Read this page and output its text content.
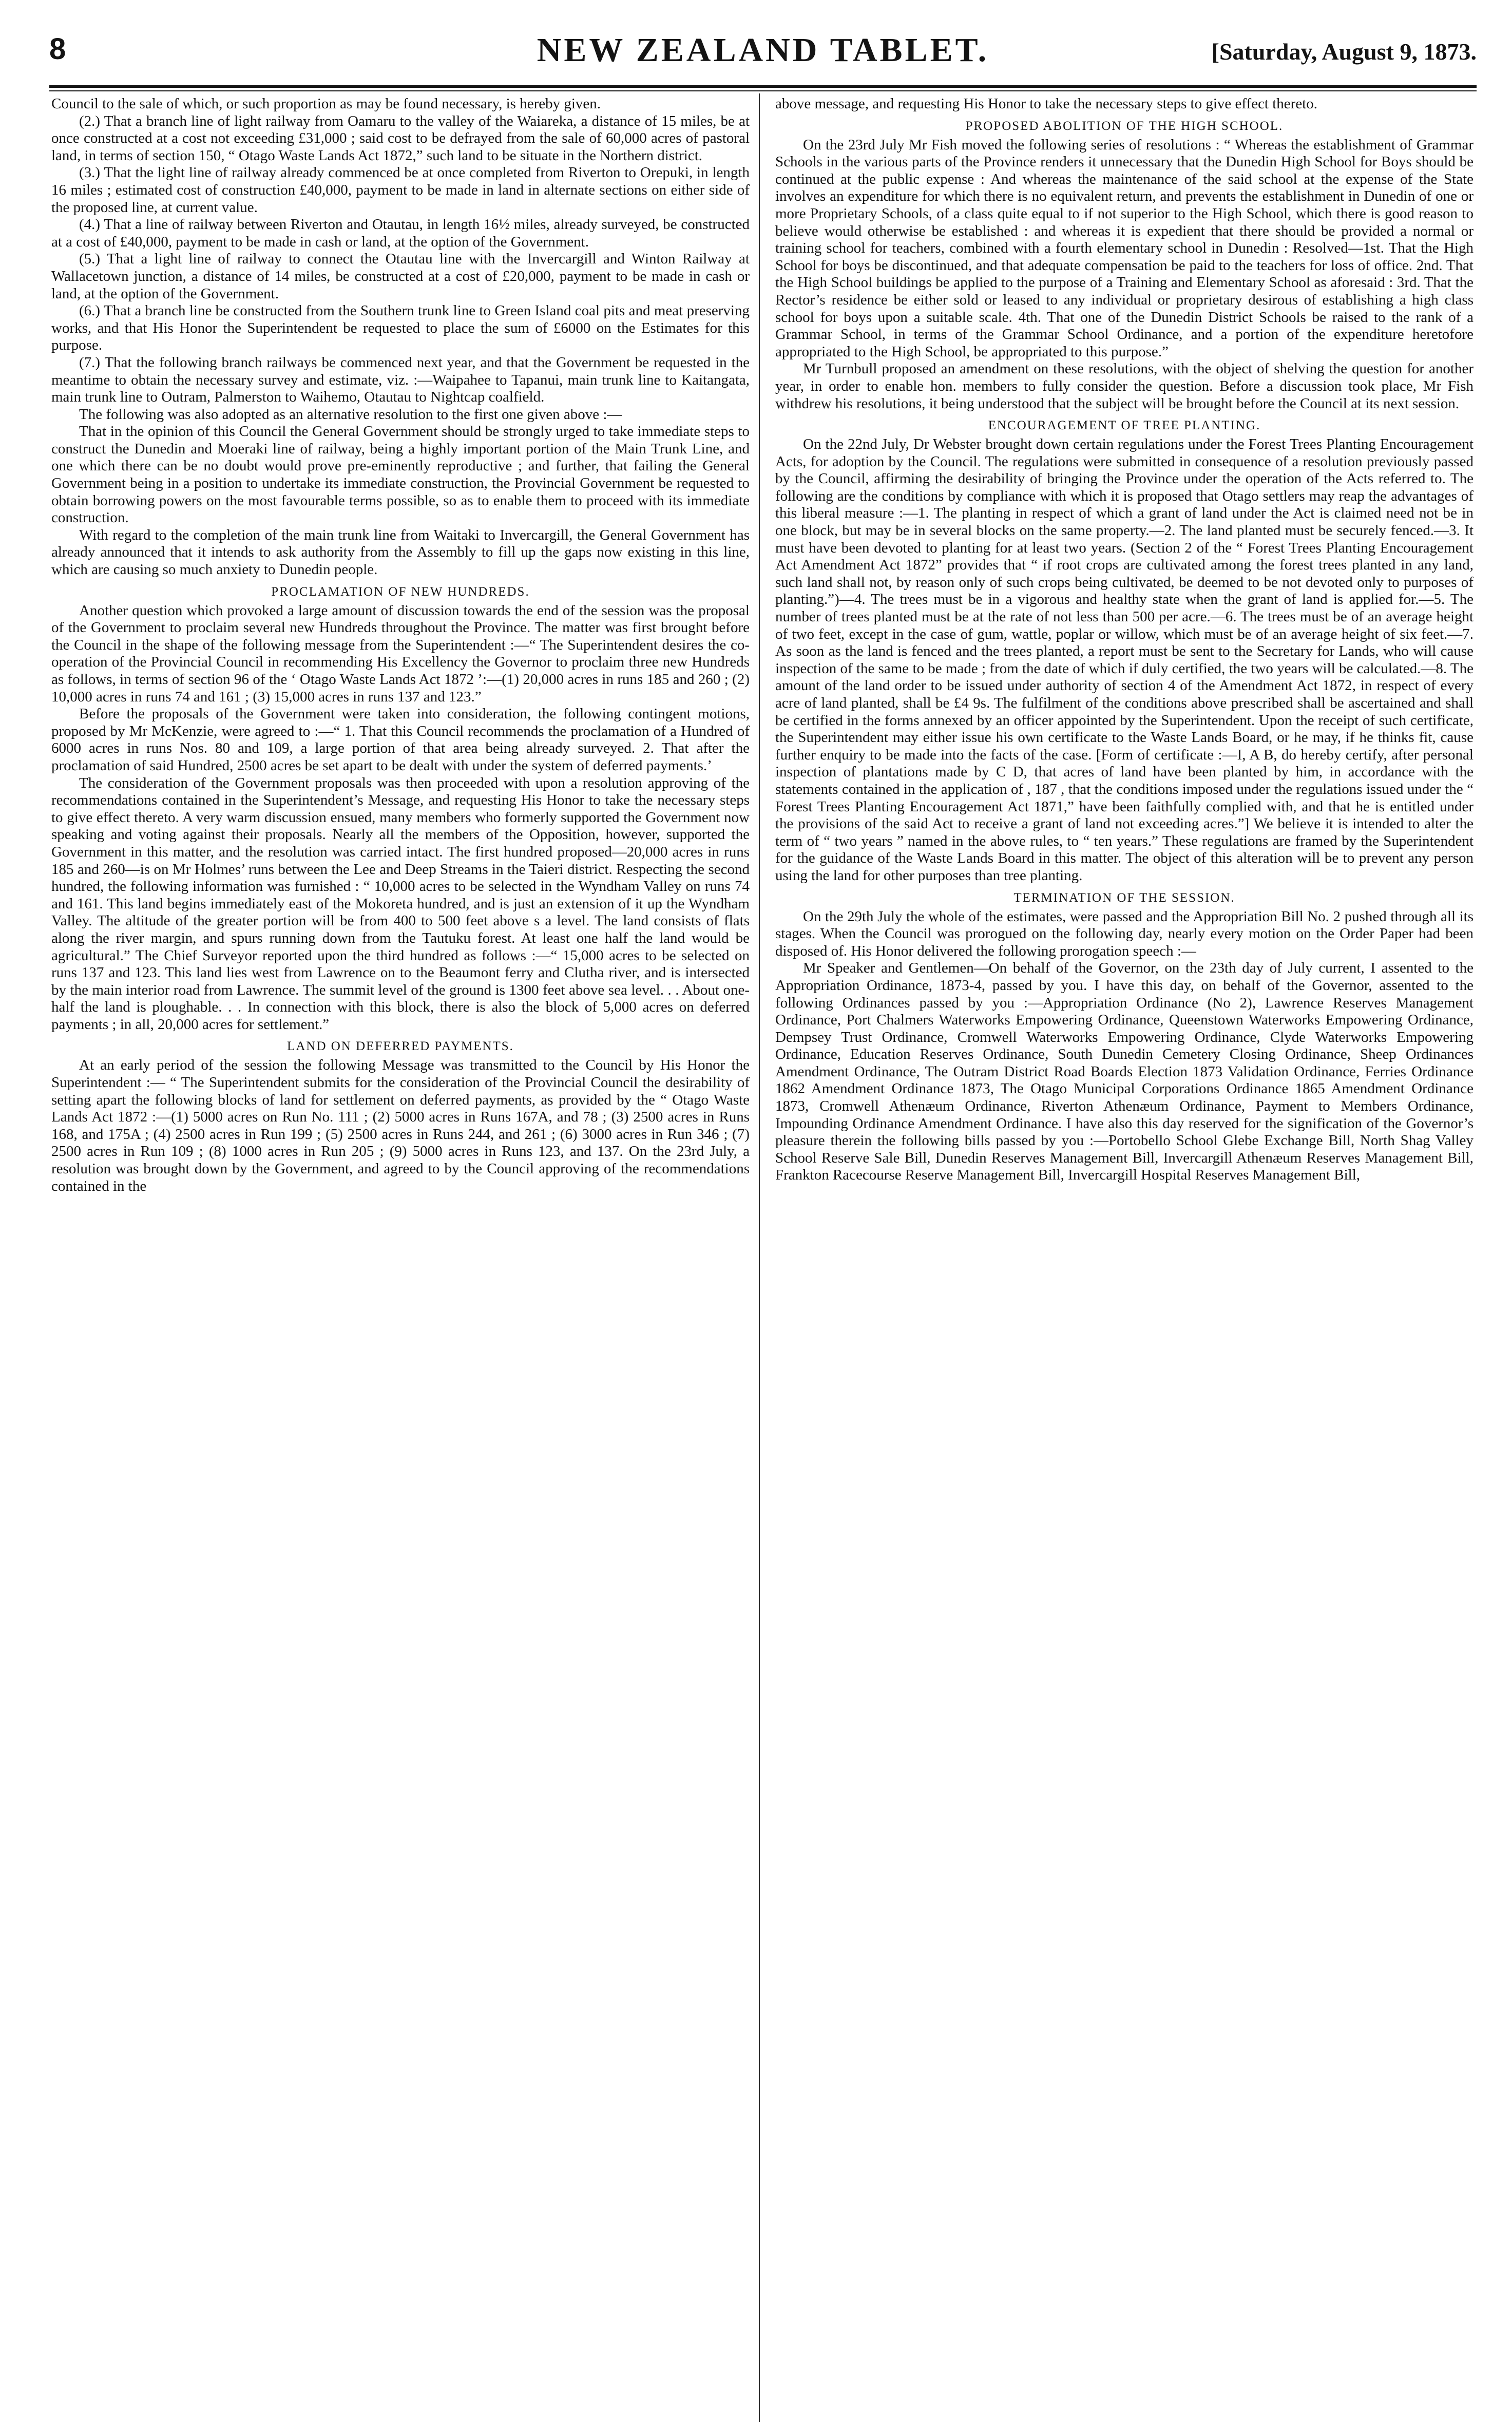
8	NEW ZEALAND TABLET.	[Saturday, August 9, 1873.

Council to the sale of which, or such proportion as may be found necessary, is hereby given.

(2.) That a branch line of light railway from Oamaru to the valley of the Waiareka, a distance of 15 miles, be at once constructed at a cost not exceeding £31,000 ; said cost to be defrayed from the sale of 60,000 acres of pastoral land, in terms of section 150, “ Otago Waste Lands Act 1872,” such land to be situate in the Northern district.

(3.) That the light line of railway already commenced be at once completed from Riverton to Orepuki, in length 16 miles ; estimated cost of construction £40,000, payment to be made in land in alternate sections on either side of the proposed line, at current value.

(4.) That a line of railway between Riverton and Otautau, in length 16½ miles, already surveyed, be constructed at a cost of £40,000, payment to be made in cash or land, at the option of the Government.

(5.) That a light line of railway to connect the Otautau line with the Invercargill and Winton Railway at Wallacetown junction, a distance of 14 miles, be constructed at a cost of £20,000, payment to be made in cash or land, at the option of the Government.

(6.) That a branch line be constructed from the Southern trunk line to Green Island coal pits and meat preserving works, and that His Honor the Superintendent be requested to place the sum of £6000 on the Estimates for this purpose.

(7.) That the following branch railways be commenced next year, and that the Government be requested in the meantime to obtain the necessary survey and estimate, viz. :—Waipahee to Tapanui, main trunk line to Kaitangata, main trunk line to Outram, Palmerston to Waihemo, Otautau to Nightcap coalfield.

The following was also adopted as an alternative resolution to the first one given above :—

That in the opinion of this Council the General Government should be strongly urged to take immediate steps to construct the Dunedin and Moeraki line of railway, being a highly important portion of the Main Trunk Line, and one which there can be no doubt would prove pre-eminently reproductive ; and further, that failing the General Government being in a position to undertake its immediate construction, the Provincial Government be requested to obtain borrowing powers on the most favourable terms possible, so as to enable them to proceed with its immediate construction.

With regard to the completion of the main trunk line from Waitaki to Invercargill, the General Government has already announced that it intends to ask authority from the Assembly to fill up the gaps now existing in this line, which are causing so much anxiety to Dunedin people.

PROCLAMATION OF NEW HUNDREDS.

Another question which provoked a large amount of discussion towards the end of the session was the proposal of the Government to proclaim several new Hundreds throughout the Province. The matter was first brought before the Council in the shape of the following message from the Superintendent :—“ The Superintendent desires the co-operation of the Provincial Council in recommending His Excellency the Governor to proclaim three new Hundreds as follows, in terms of section 96 of the ‘ Otago Waste Lands Act 1872 ’:—(1) 20,000 acres in runs 185 and 260 ; (2) 10,000 acres in runs 74 and 161 ; (3) 15,000 acres in runs 137 and 123.”

Before the proposals of the Government were taken into consideration, the following contingent motions, proposed by Mr McKenzie, were agreed to :—“ 1. That this Council recommends the proclamation of a Hundred of 6000 acres in runs Nos. 80 and 109, a large portion of that area being already surveyed. 2. That after the proclamation of said Hundred, 2500 acres be set apart to be dealt with under the system of deferred payments.’

The consideration of the Government proposals was then proceeded with upon a resolution approving of the recommendations contained in the Superintendent’s Message, and requesting His Honor to take the necessary steps to give effect thereto. A very warm discussion ensued, many members who formerly supported the Government now speaking and voting against their proposals. Nearly all the members of the Opposition, however, supported the Government in this matter, and the resolution was carried intact. The first hundred proposed—20,000 acres in runs 185 and 260—is on Mr Holmes’ runs between the Lee and Deep Streams in the Taieri district. Respecting the second hundred, the following information was furnished : “ 10,000 acres to be selected in the Wyndham Valley on runs 74 and 161. This land begins immediately east of the Mokoreta hundred, and is just an extension of it up the Wyndham Valley. The altitude of the greater portion will be from 400 to 500 feet above s a level. The land consists of flats along the river margin, and spurs running down from the Tautuku forest. At least one half the land would be agricultural.” The Chief Surveyor reported upon the third hundred as follows :—“ 15,000 acres to be selected on runs 137 and 123. This land lies west from Lawrence on to the Beaumont ferry and Clutha river, and is intersected by the main interior road from Lawrence. The summit level of the ground is 1300 feet above sea level. . . About one-half the land is ploughable. . . In connection with this block, there is also the block of 5,000 acres on deferred payments ; in all, 20,000 acres for settlement.”

LAND ON DEFERRED PAYMENTS.

At an early period of the session the following Message was transmitted to the Council by His Honor the Superintendent :— “ The Superintendent submits for the consideration of the Provincial Council the desirability of setting apart the following blocks of land for settlement on deferred payments, as provided by the “ Otago Waste Lands Act 1872 :—(1) 5000 acres on Run No. 111 ; (2) 5000 acres in Runs 167A, and 78 ; (3) 2500 acres in Runs 168, and 175A ; (4) 2500 acres in Run 199 ; (5) 2500 acres in Runs 244, and 261 ; (6) 3000 acres in Run 346 ; (7) 2500 acres in Run 109 ; (8) 1000 acres in Run 205 ; (9) 5000 acres in Runs 123, and 137. On the 23rd July, a resolution was brought down by the Government, and agreed to by the Council approving of the recommendations contained in the

above message, and requesting His Honor to take the necessary steps to give effect thereto.

PROPOSED ABOLITION OF THE HIGH SCHOOL.

On the 23rd July Mr Fish moved the following series of resolutions : “ Whereas the establishment of Grammar Schools in the various parts of the Province renders it unnecessary that the Dunedin High School for Boys should be continued at the public expense : And whereas the maintenance of the said school at the expense of the State involves an expenditure for which there is no equivalent return, and prevents the establishment in Dunedin of one or more Proprietary Schools, of a class quite equal to if not superior to the High School, which there is good reason to believe would otherwise be established : and whereas it is expedient that there should be provided a normal or training school for teachers, combined with a fourth elementary school in Dunedin : Resolved—1st. That the High School for boys be discontinued, and that adequate compensation be paid to the teachers for loss of office. 2nd. That the High School buildings be applied to the purpose of a Training and Elementary School as aforesaid : 3rd. That the Rector’s residence be either sold or leased to any individual or proprietary desirous of establishing a high class school for boys upon a suitable scale. 4th. That one of the Dunedin District Schools be raised to the rank of a Grammar School, in terms of the Grammar School Ordinance, and a portion of the expenditure heretofore appropriated to the High School, be appropriated to this purpose.”

Mr Turnbull proposed an amendment on these resolutions, with the object of shelving the question for another year, in order to enable hon. members to fully consider the question. Before a discussion took place, Mr Fish withdrew his resolutions, it being understood that the subject will be brought before the Council at its next session.

ENCOURAGEMENT OF TREE PLANTING.

On the 22nd July, Dr Webster brought down certain regulations under the Forest Trees Planting Encouragement Acts, for adoption by the Council. The regulations were submitted in consequence of a resolution previously passed by the Council, affirming the desirability of bringing the Province under the operation of the Acts referred to. The following are the conditions by compliance with which it is proposed that Otago settlers may reap the advantages of this liberal measure :—1. The planting in respect of which a grant of land under the Act is claimed need not be in one block, but may be in several blocks on the same property.—2. The land planted must be securely fenced.—3. It must have been devoted to planting for at least two years. (Section 2 of the “ Forest Trees Planting Encouragement Act Amendment Act 1872” provides that “ if root crops are cultivated among the forest trees planted in any land, such land shall not, by reason only of such crops being cultivated, be deemed to be not devoted only to purposes of planting.”)—4. The trees must be in a vigorous and healthy state when the grant of land is applied for.—5. The number of trees planted must be at the rate of not less than 500 per acre.—6. The trees must be of an average height of two feet, except in the case of gum, wattle, poplar or willow, which must be of an average height of six feet.—7. As soon as the land is fenced and the trees planted, a report must be sent to the Secretary for Lands, who will cause inspection of the same to be made ; from the date of which if duly certified, the two years will be calculated.—8. The amount of the land order to be issued under authority of section 4 of the Amendment Act 1872, in respect of every acre of land planted, shall be £4 9s. The fulfilment of the conditions above prescribed shall be ascertained and shall be certified in the forms annexed by an officer appointed by the Superintendent. Upon the receipt of such certificate, the Superintendent may either issue his own certificate to the Waste Lands Board, or he may, if he thinks fit, cause further enquiry to be made into the facts of the case. [Form of certificate :—I, A B, do hereby certify, after personal inspection of plantations made by C D, that acres of land have been planted by him, in accordance with the statements contained in the application of , 187 , that the conditions imposed under the regulations issued under the “ Forest Trees Planting Encouragement Act 1871,” have been faithfully complied with, and that he is entitled under the provisions of the said Act to receive a grant of land not exceeding acres.”] We believe it is intended to alter the term of “ two years ” named in the above rules, to “ ten years.” These regulations are framed by the Superintendent for the guidance of the Waste Lands Board in this matter. The object of this alteration will be to prevent any person using the land for other purposes than tree planting.

TERMINATION OF THE SESSION.

On the 29th July the whole of the estimates, were passed and the Appropriation Bill No. 2 pushed through all its stages. When the Council was prorogued on the following day, nearly every motion on the Order Paper had been disposed of. His Honor delivered the following prorogation speech :—

Mr Speaker and Gentlemen—On behalf of the Governor, on the 23th day of July current, I assented to the Appropriation Ordinance, 1873-4, passed by you. I have this day, on behalf of the Governor, assented to the following Ordinances passed by you :—Appropriation Ordinance (No 2), Lawrence Reserves Management Ordinance, Port Chalmers Waterworks Empowering Ordinance, Queenstown Waterworks Empowering Ordinance, Dempsey Trust Ordinance, Cromwell Waterworks Empowering Ordinance, Clyde Waterworks Empowering Ordinance, Education Reserves Ordinance, South Dunedin Cemetery Closing Ordinance, Sheep Ordinances Amendment Ordinance, The Outram District Road Boards Election 1873 Validation Ordinance, Ferries Ordinance 1862 Amendment Ordinance 1873, The Otago Municipal Corporations Ordinance 1865 Amendment Ordinance 1873, Cromwell Athenæum Ordinance, Riverton Athenæum Ordinance, Payment to Members Ordinance, Impounding Ordinance Amendment Ordinance. I have also this day reserved for the signification of the Governor’s pleasure therein the following bills passed by you :—Portobello School Glebe Exchange Bill, North Shag Valley School Reserve Sale Bill, Dunedin Reserves Management Bill, Invercargill Athenæum Reserves Management Bill, Frankton Racecourse Reserve Management Bill, Invercargill Hospital Reserves Management Bill,
